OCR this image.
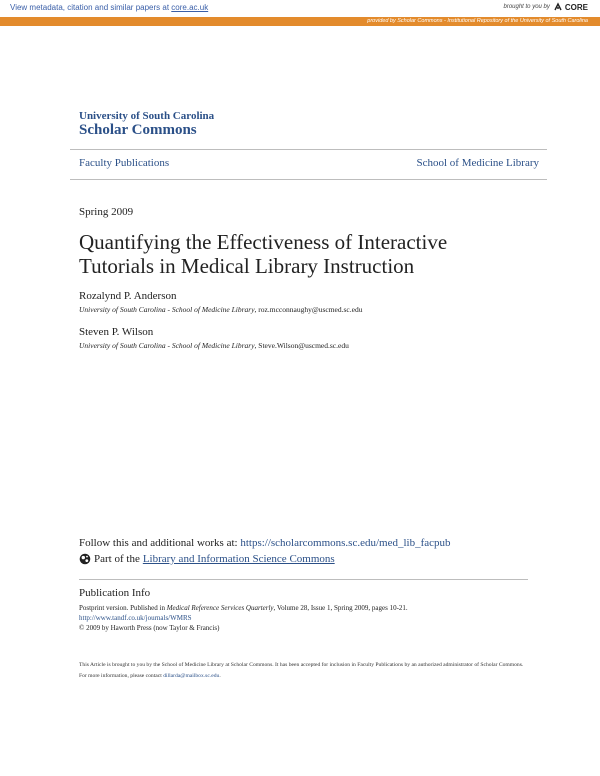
View metadata, citation and similar papers at core.ac.uk	brought to you by CORE
provided by Scholar Commons - Institutional Repository of the University of South Carolina
University of South Carolina
Scholar Commons
Faculty Publications	School of Medicine Library
Spring 2009
Quantifying the Effectiveness of Interactive
Tutorials in Medical Library Instruction
Rozalynd P. Anderson
University of South Carolina - School of Medicine Library, roz.mcconnaughy@uscmed.sc.edu
Steven P. Wilson
University of South Carolina - School of Medicine Library, Steve.Wilson@uscmed.sc.edu
Follow this and additional works at: https://scholarcommons.sc.edu/med_lib_facpub
Part of the Library and Information Science Commons
Publication Info
Postprint version. Published in Medical Reference Services Quarterly, Volume 28, Issue 1, Spring 2009, pages 10-21.
http://www.tandf.co.uk/journals/WMRS
© 2009 by Haworth Press (now Taylor & Francis)
This Article is brought to you by the School of Medicine Library at Scholar Commons. It has been accepted for inclusion in Faculty Publications by an authorized administrator of Scholar Commons. For more information, please contact dillarda@mailbox.sc.edu.
